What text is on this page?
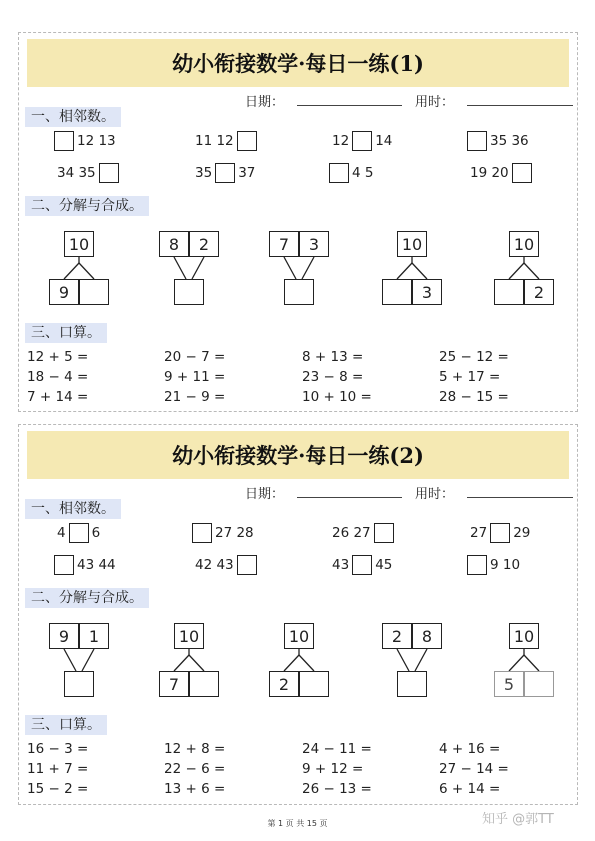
幼小衔接数学·每日一练(1)
日期：	用时：
一、相邻数。
12 13	11 12	12 14	35 36
34 35	35 37	4 5	19 20
二、分解与合成。
10
9
8	2	7	3	10
3
10
2
三、口算。
12 + 5 =	20 − 7 =	8 + 13 =	25 − 12 =
18 − 4 =	9 + 11 =	23 − 8 =	5 + 17 =
7 + 14 =	21 − 9 =	10 + 10 =	28 − 15 =
幼小衔接数学·每日一练(2)
日期：	用时：
一、相邻数。
4 6	27 28	26 27	27 29
43 44	42 43	43 45	9 10
二、分解与合成。
9	1	10
7
10
2
2	8	10
5
三、口算。
16 − 3 =	12 + 8 =	24 − 11 =	4 + 16 =
11 + 7 =	22 − 6 =	9 + 12 =	27 − 14 =
15 − 2 =	13 + 6 =	26 − 13 =	6 + 14 =
第 1 页 共 15 页	知乎 @郭TT
